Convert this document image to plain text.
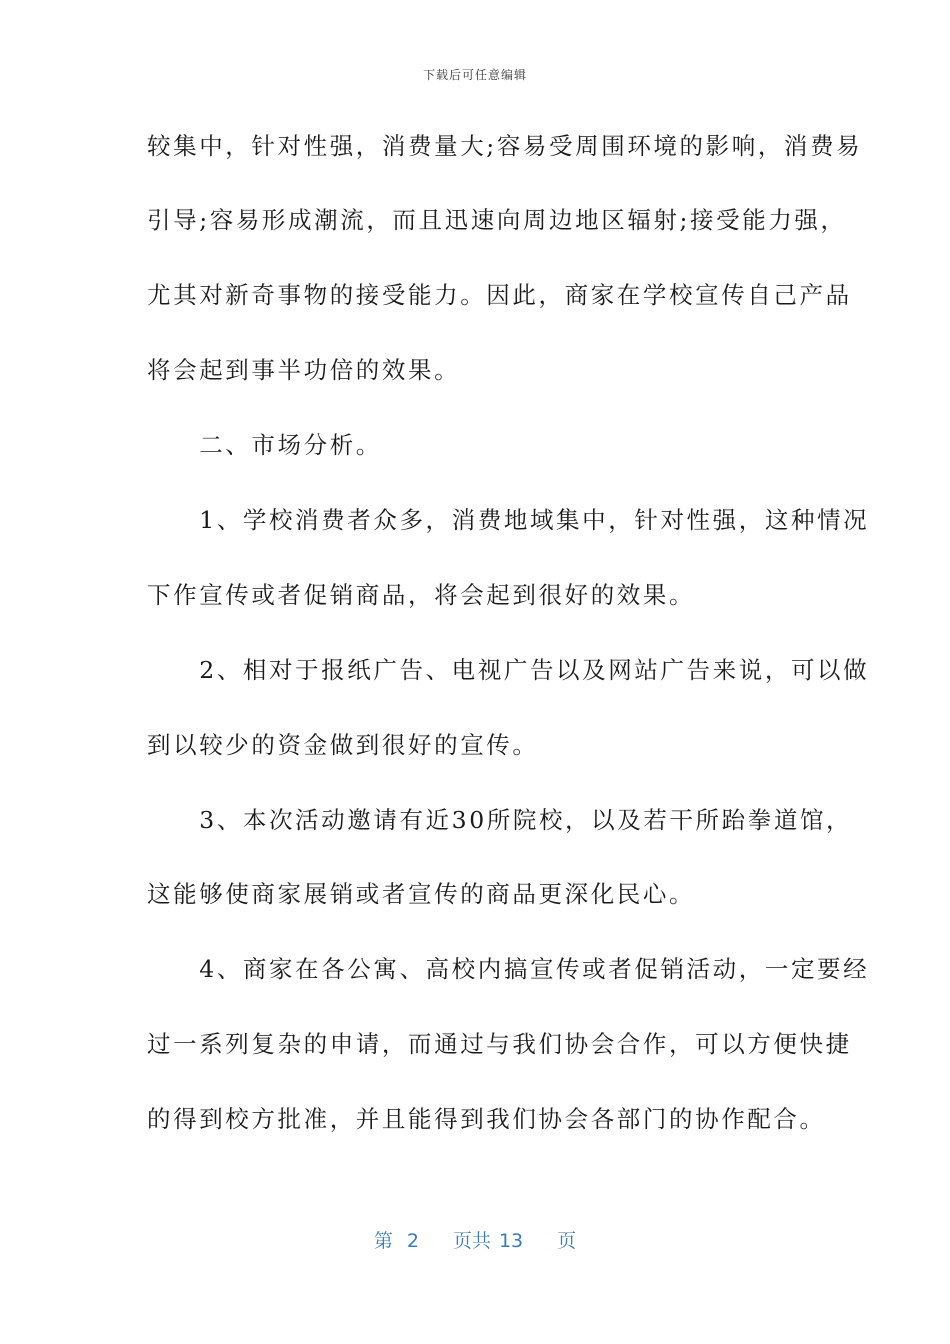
下载后可任意编辑
较集中，针对性强，消费量大;容易受周围环境的影响，消费易
引导;容易形成潮流，而且迅速向周边地区辐射;接受能力强，
尤其对新奇事物的接受能力。因此，商家在学校宣传自己产品
将会起到事半功倍的效果。
　　二、市场分析。
　　1、学校消费者众多，消费地域集中，针对性强，这种情况
下作宣传或者促销商品，将会起到很好的效果。
　　2、相对于报纸广告、电视广告以及网站广告来说，可以做
到以较少的资金做到很好的宣传。
　　3、本次活动邀请有近30所院校，以及若干所跆拳道馆，
这能够使商家展销或者宣传的商品更深化民心。
　　4、商家在各公寓、高校内搞宣传或者促销活动，一定要经
过一系列复杂的申请，而通过与我们协会合作，可以方便快捷
的得到校方批准，并且能得到我们协会各部门的协作配合。
第 2 页共 13 页
